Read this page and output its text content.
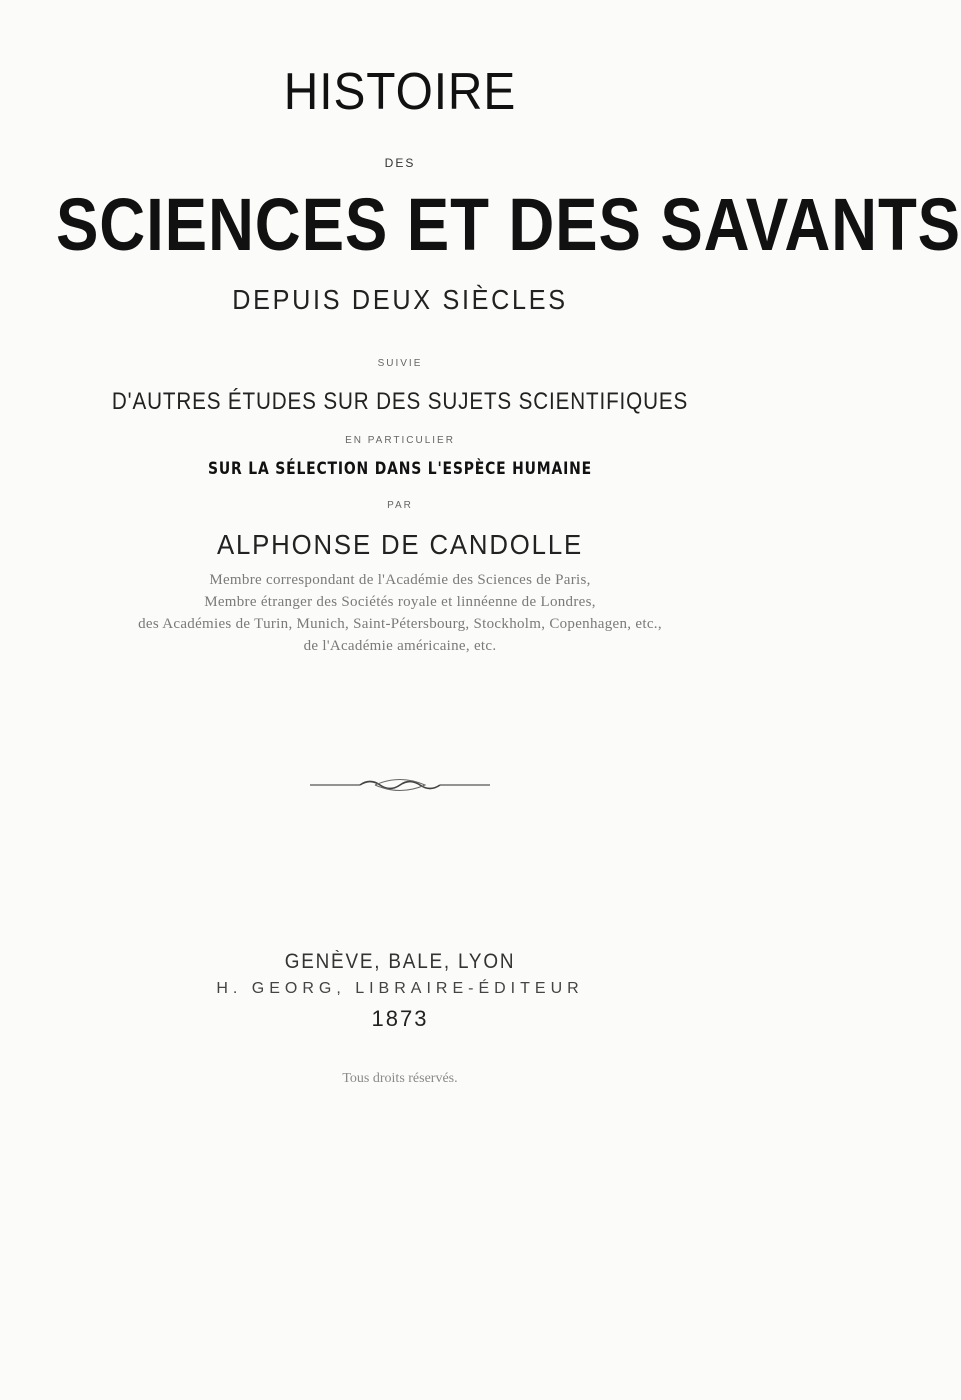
HISTOIRE
DES
SCIENCES ET DES SAVANTS
DEPUIS DEUX SIÈCLES
SUIVIE
D'AUTRES ÉTUDES SUR DES SUJETS SCIENTIFIQUES
EN PARTICULIER
SUR LA SÉLECTION DANS L'ESPÈCE HUMAINE
PAR
ALPHONSE DE CANDOLLE
Membre correspondant de l'Académie des Sciences de Paris,
Membre étranger des Sociétés royale et linnéenne de Londres,
des Académies de Turin, Munich, Saint-Pétersbourg, Stockholm, Copenhagen, etc.,
de l'Académie américaine, etc.
GENÈVE, BALE, LYON
H. GEORG, LIBRAIRE-ÉDITEUR
1873
Tous droits réservés.
